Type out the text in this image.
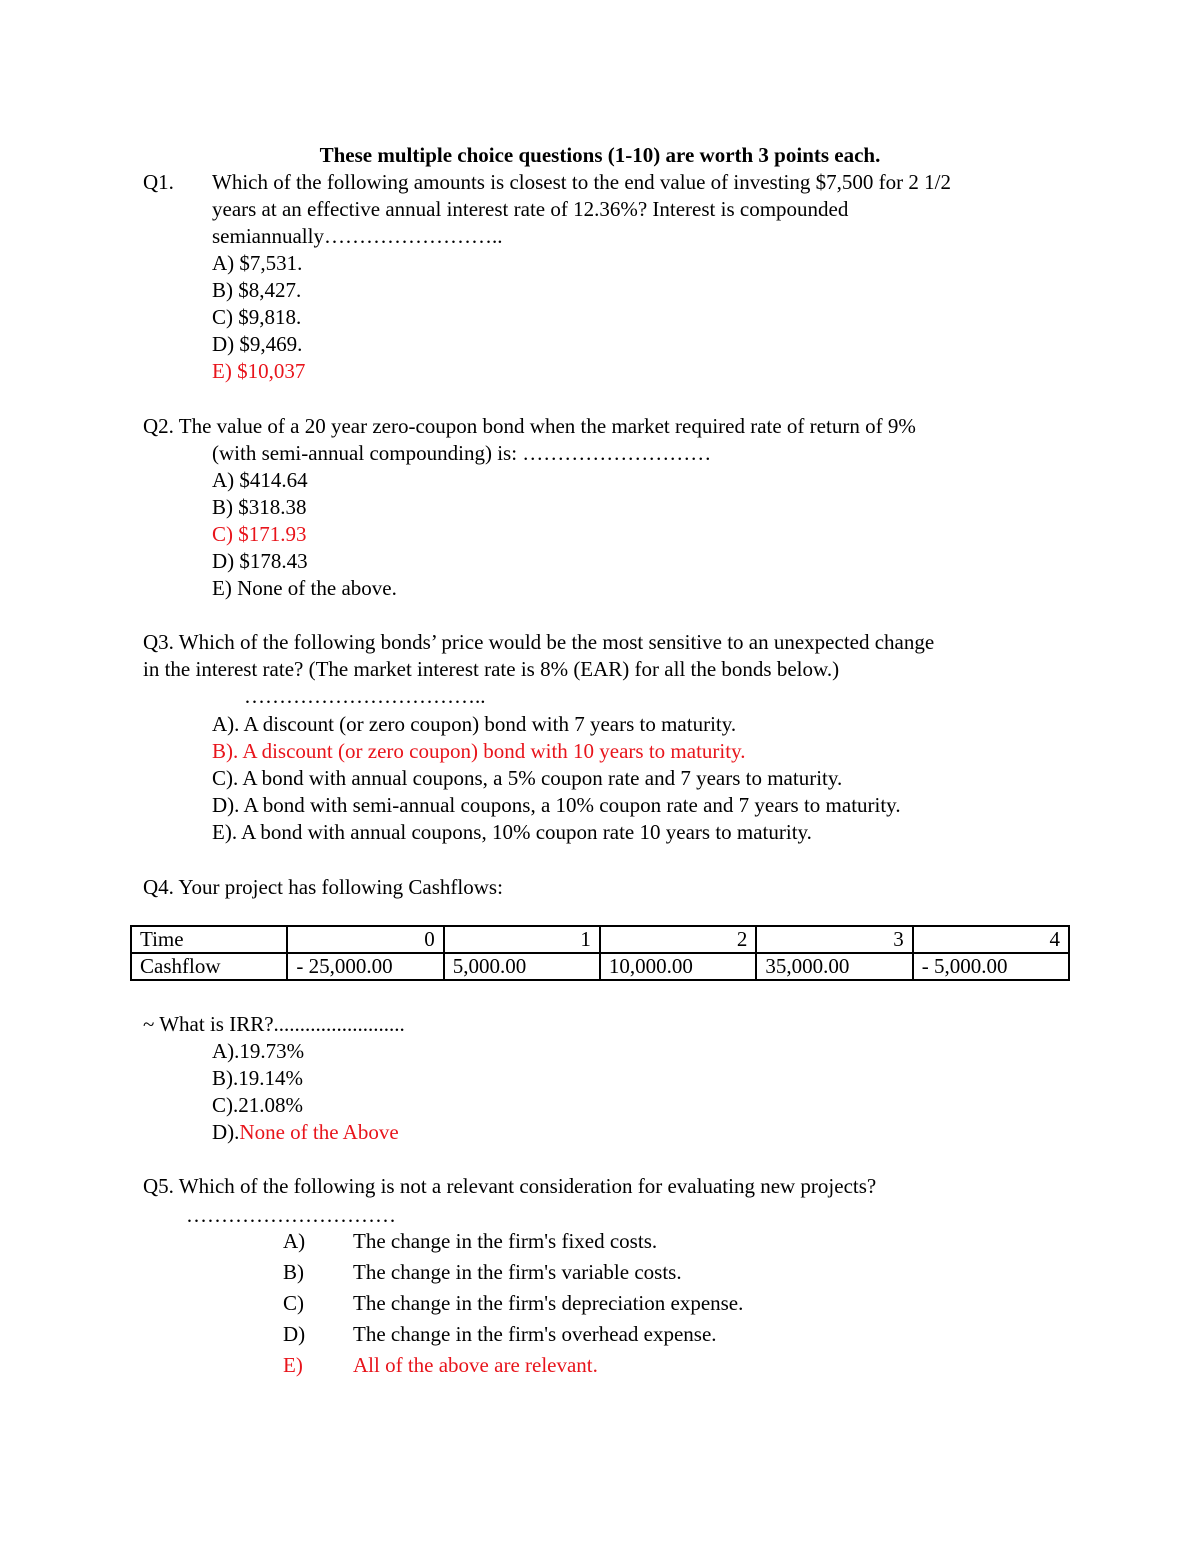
These multiple choice questions (1-10) are worth 3 points each.
Q1. Which of the following amounts is closest to the end value of investing $7,500 for 2 1/2
years at an effective annual interest rate of 12.36%? Interest is compounded
semiannually……………………..
A) $7,531.
B) $8,427.
C) $9,818.
D) $9,469.
E) $10,037
Q2. The value of a 20 year zero-coupon bond when the market required rate of return of 9%
(with semi-annual compounding) is: ………………………
A) $414.64
B) $318.38
C) $171.93
D) $178.43
E) None of the above.
Q3. Which of the following bonds’ price would be the most sensitive to an unexpected change
in the interest rate? (The market interest rate is 8% (EAR) for all the bonds below.)
……………………………..
A). A discount (or zero coupon) bond with 7 years to maturity.
B). A discount (or zero coupon) bond with 10 years to maturity.
C). A bond with annual coupons, a 5% coupon rate and 7 years to maturity.
D). A bond with semi-annual coupons, a 10% coupon rate and 7 years to maturity.
E). A bond with annual coupons, 10% coupon rate 10 years to maturity.
Q4. Your project has following Cashflows:
Time	0	1	2	3	4
Cashflow	- 25,000.00	5,000.00	10,000.00	35,000.00	- 5,000.00
~ What is IRR?.........................
A).19.73%
B).19.14%
C).21.08%
D).None of the Above
Q5. Which of the following is not a relevant consideration for evaluating new projects?
…………………………
A) The change in the firm's fixed costs.
B) The change in the firm's variable costs.
C) The change in the firm's depreciation expense.
D) The change in the firm's overhead expense.
E) All of the above are relevant.
